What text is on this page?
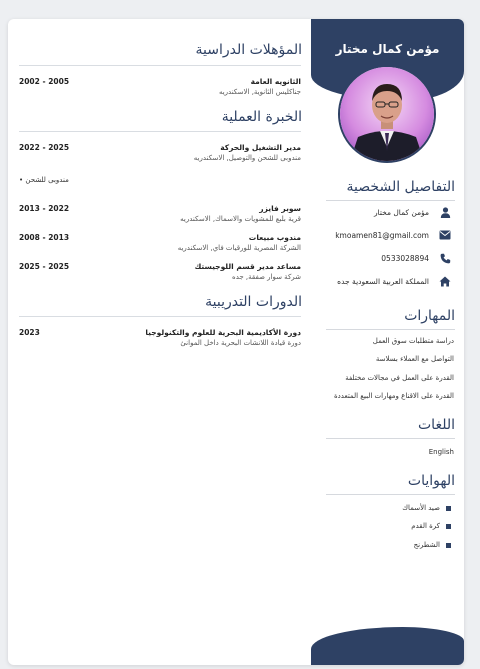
مؤمن كمال مختار
التفاصيل الشخصية
مؤمن كمال مختار
kmoamen81@gmail.com
0533028894
المملكة العربية السعودية جده
المهارات
دراسة متطلبات سوق العمل
التواصل مع العملاء بسلاسة
القدرة على العمل في مجالات مختلفة
القدرة على الاقناع ومهارات البيع المتعددة
اللغات
English
الهوايات
صيد الأسماك
كرة القدم
الشطرنج
المؤهلات الدراسية
الثانويه العامة
جناكليس الثانوية, الاسكندريه
2002 - 2005
الخبرة العملية
مدير التشغيل والحركة
مندوبى للشحن والتوصيل, الاسكندريه
2022 - 2025
• مندوبى للشحن
سوبر فايزر
قرية بلبع للمشويات والاسماك, الاسكندريه
2013 - 2022
مندوب مبيعات
الشركة المصرية للورقيات فاي, الاسكندريه
2008 - 2013
مساعد مدير قسم اللوجيستك
شركة سوار صفقة, جده
2025 - 2025
الدورات التدريبية
دورة الأكاديمية البحرية للعلوم والتكنولوجيا
دورة قيادة اللانشات البحرية داخل الموانئ
2023
